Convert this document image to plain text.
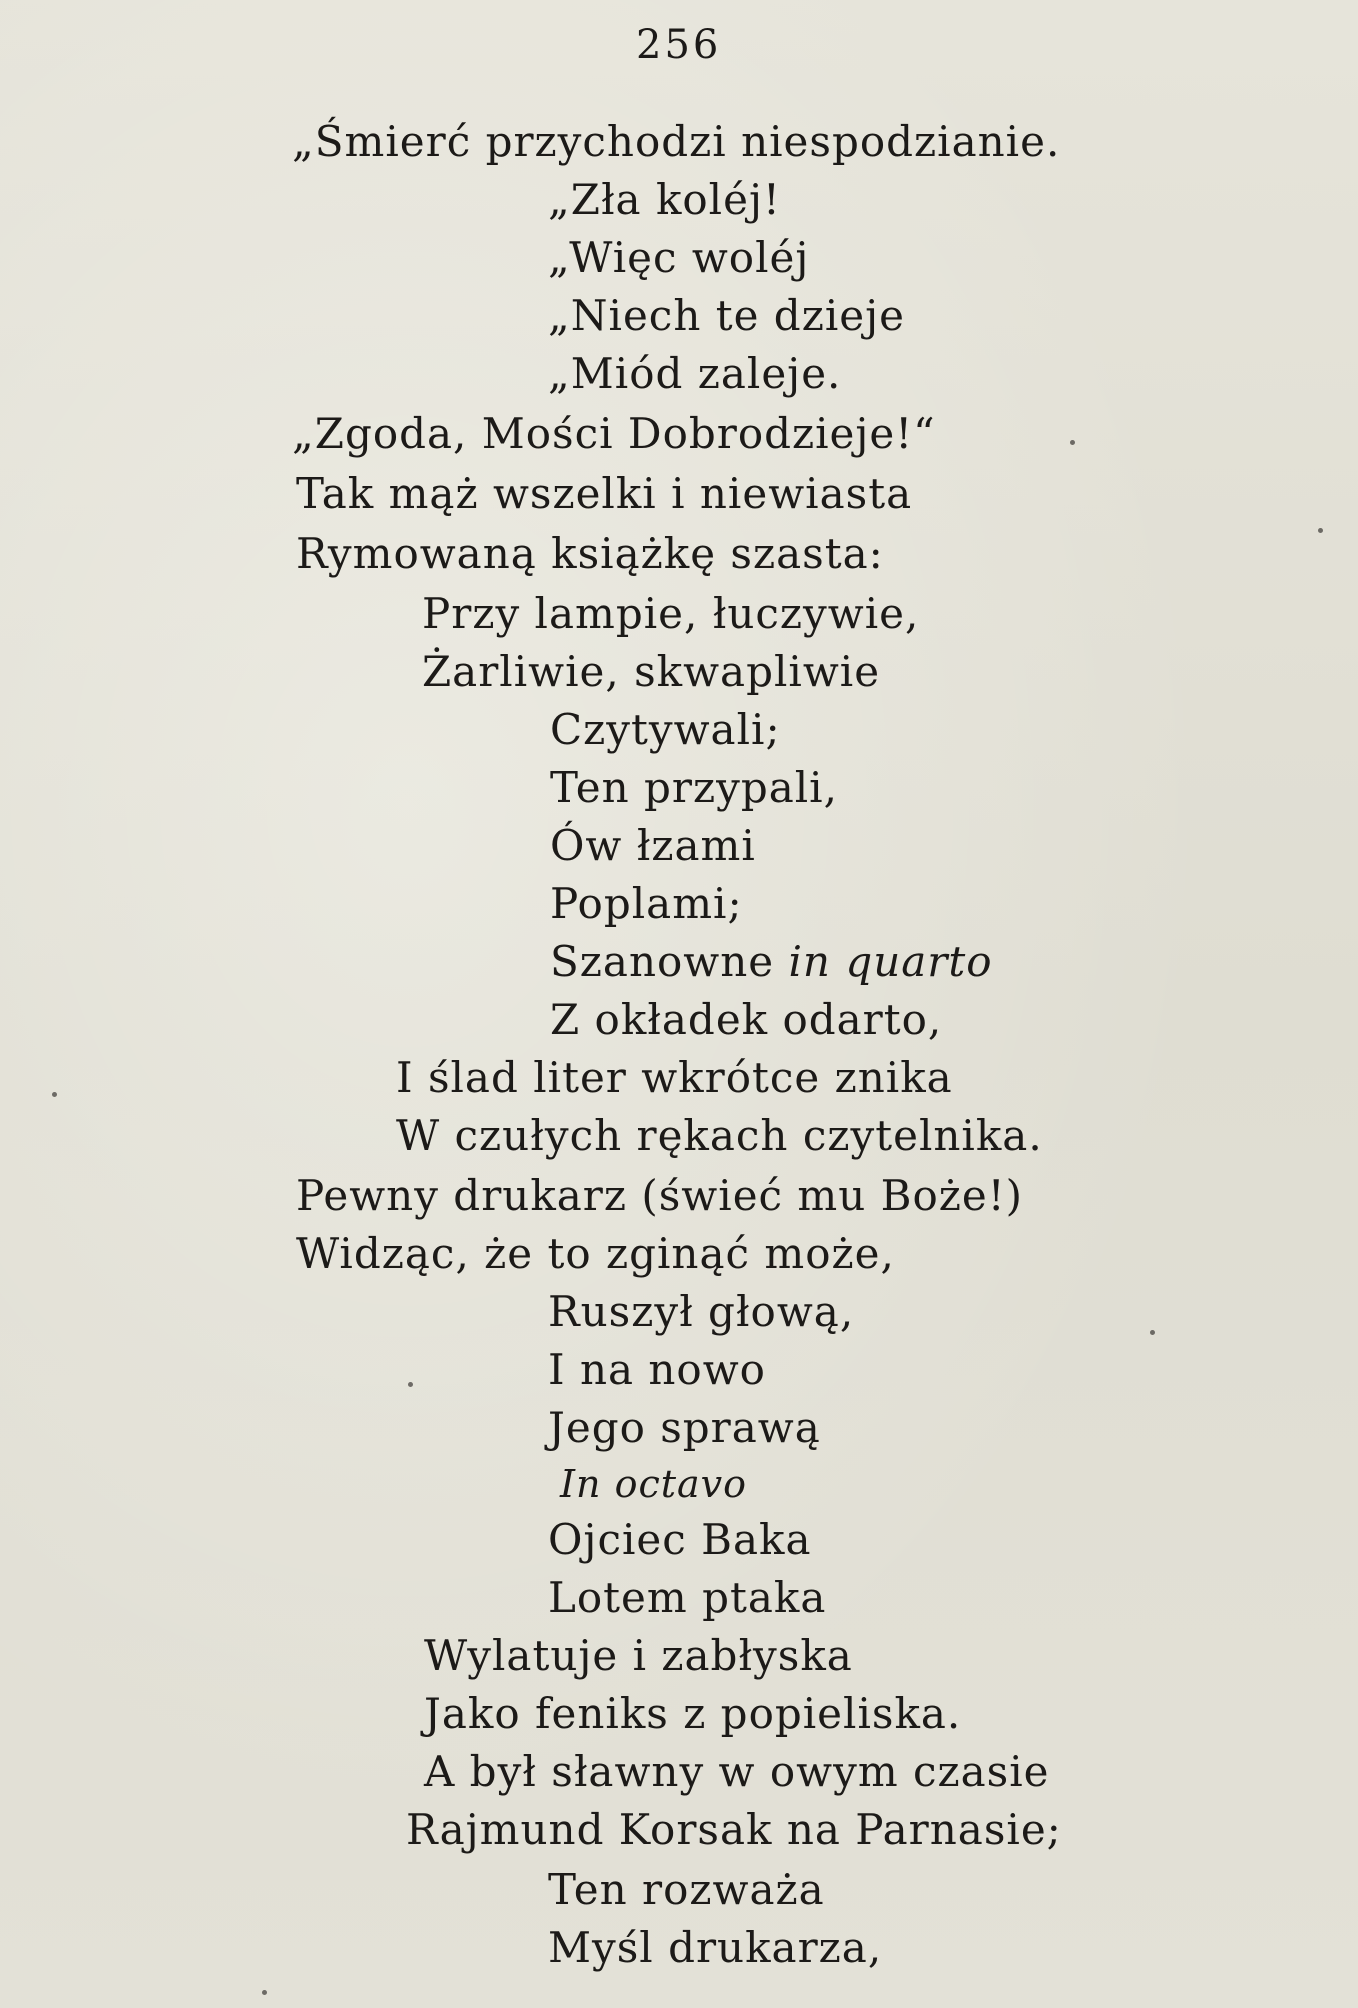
256
„Śmierć przychodzi niespodzianie.
„Zła koléj!
„Więc woléj
„Niech te dzieje
„Miód zaleje.
„Zgoda, Mości Dobrodzieje!“
Tak mąż wszelki i niewiasta
Rymowaną książkę szasta:
Przy lampie, łuczywie,
Żarliwie, skwapliwie
Czytywali;
Ten przypali,
Ów łzami
Poplami;
Szanowne in quarto
Z okładek odarto,
I ślad liter wkrótce znika
W czułych rękach czytelnika.
Pewny drukarz (świeć mu Boże!)
Widząc, że to zginąć może,
Ruszył głową,
I na nowo
Jego sprawą
In octavo
Ojciec Baka
Lotem ptaka
Wylatuje i zabłyska
Jako feniks z popieliska.
A był sławny w owym czasie
Rajmund Korsak na Parnasie;
Ten rozważa
Myśl drukarza,
